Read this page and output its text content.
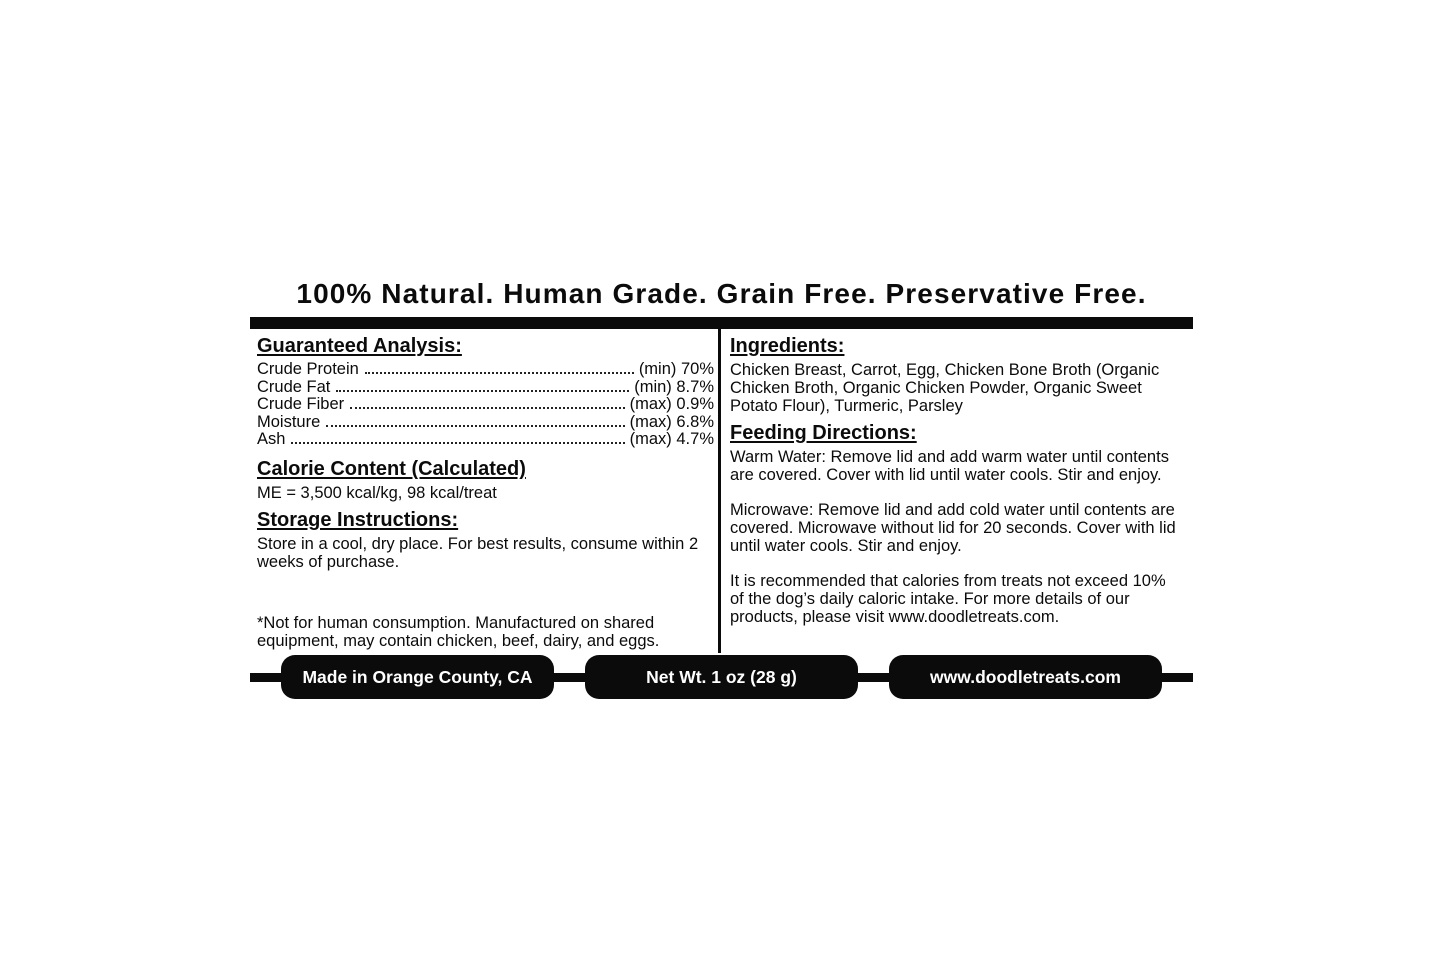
100% Natural. Human Grade. Grain Free. Preservative Free.
Guaranteed Analysis:
Crude Protein	(min) 70%
Crude Fat	(min) 8.7%
Crude Fiber	(max) 0.9%
Moisture	(max) 6.8%
Ash	(max) 4.7%
Calorie Content (Calculated)
ME = 3,500 kcal/kg, 98 kcal/treat
Storage Instructions:
Store in a cool, dry place. For best results, consume within 2 weeks of purchase.
*Not for human consumption. Manufactured on shared equipment, may contain chicken, beef, dairy, and eggs.
Ingredients:
Chicken Breast, Carrot, Egg, Chicken Bone Broth (Organic Chicken Broth, Organic Chicken Powder, Organic Sweet Potato Flour), Turmeric, Parsley
Feeding Directions:
Warm Water: Remove lid and add warm water until contents are covered. Cover with lid until water cools. Stir and enjoy.
Microwave: Remove lid and add cold water until contents are covered. Microwave without lid for 20 seconds. Cover with lid until water cools. Stir and enjoy.
It is recommended that calories from treats not exceed 10% of the dog’s daily caloric intake. For more details of our products, please visit www.doodletreats.com.
Made in Orange County, CA	Net Wt. 1 oz (28 g)	www.doodletreats.com
